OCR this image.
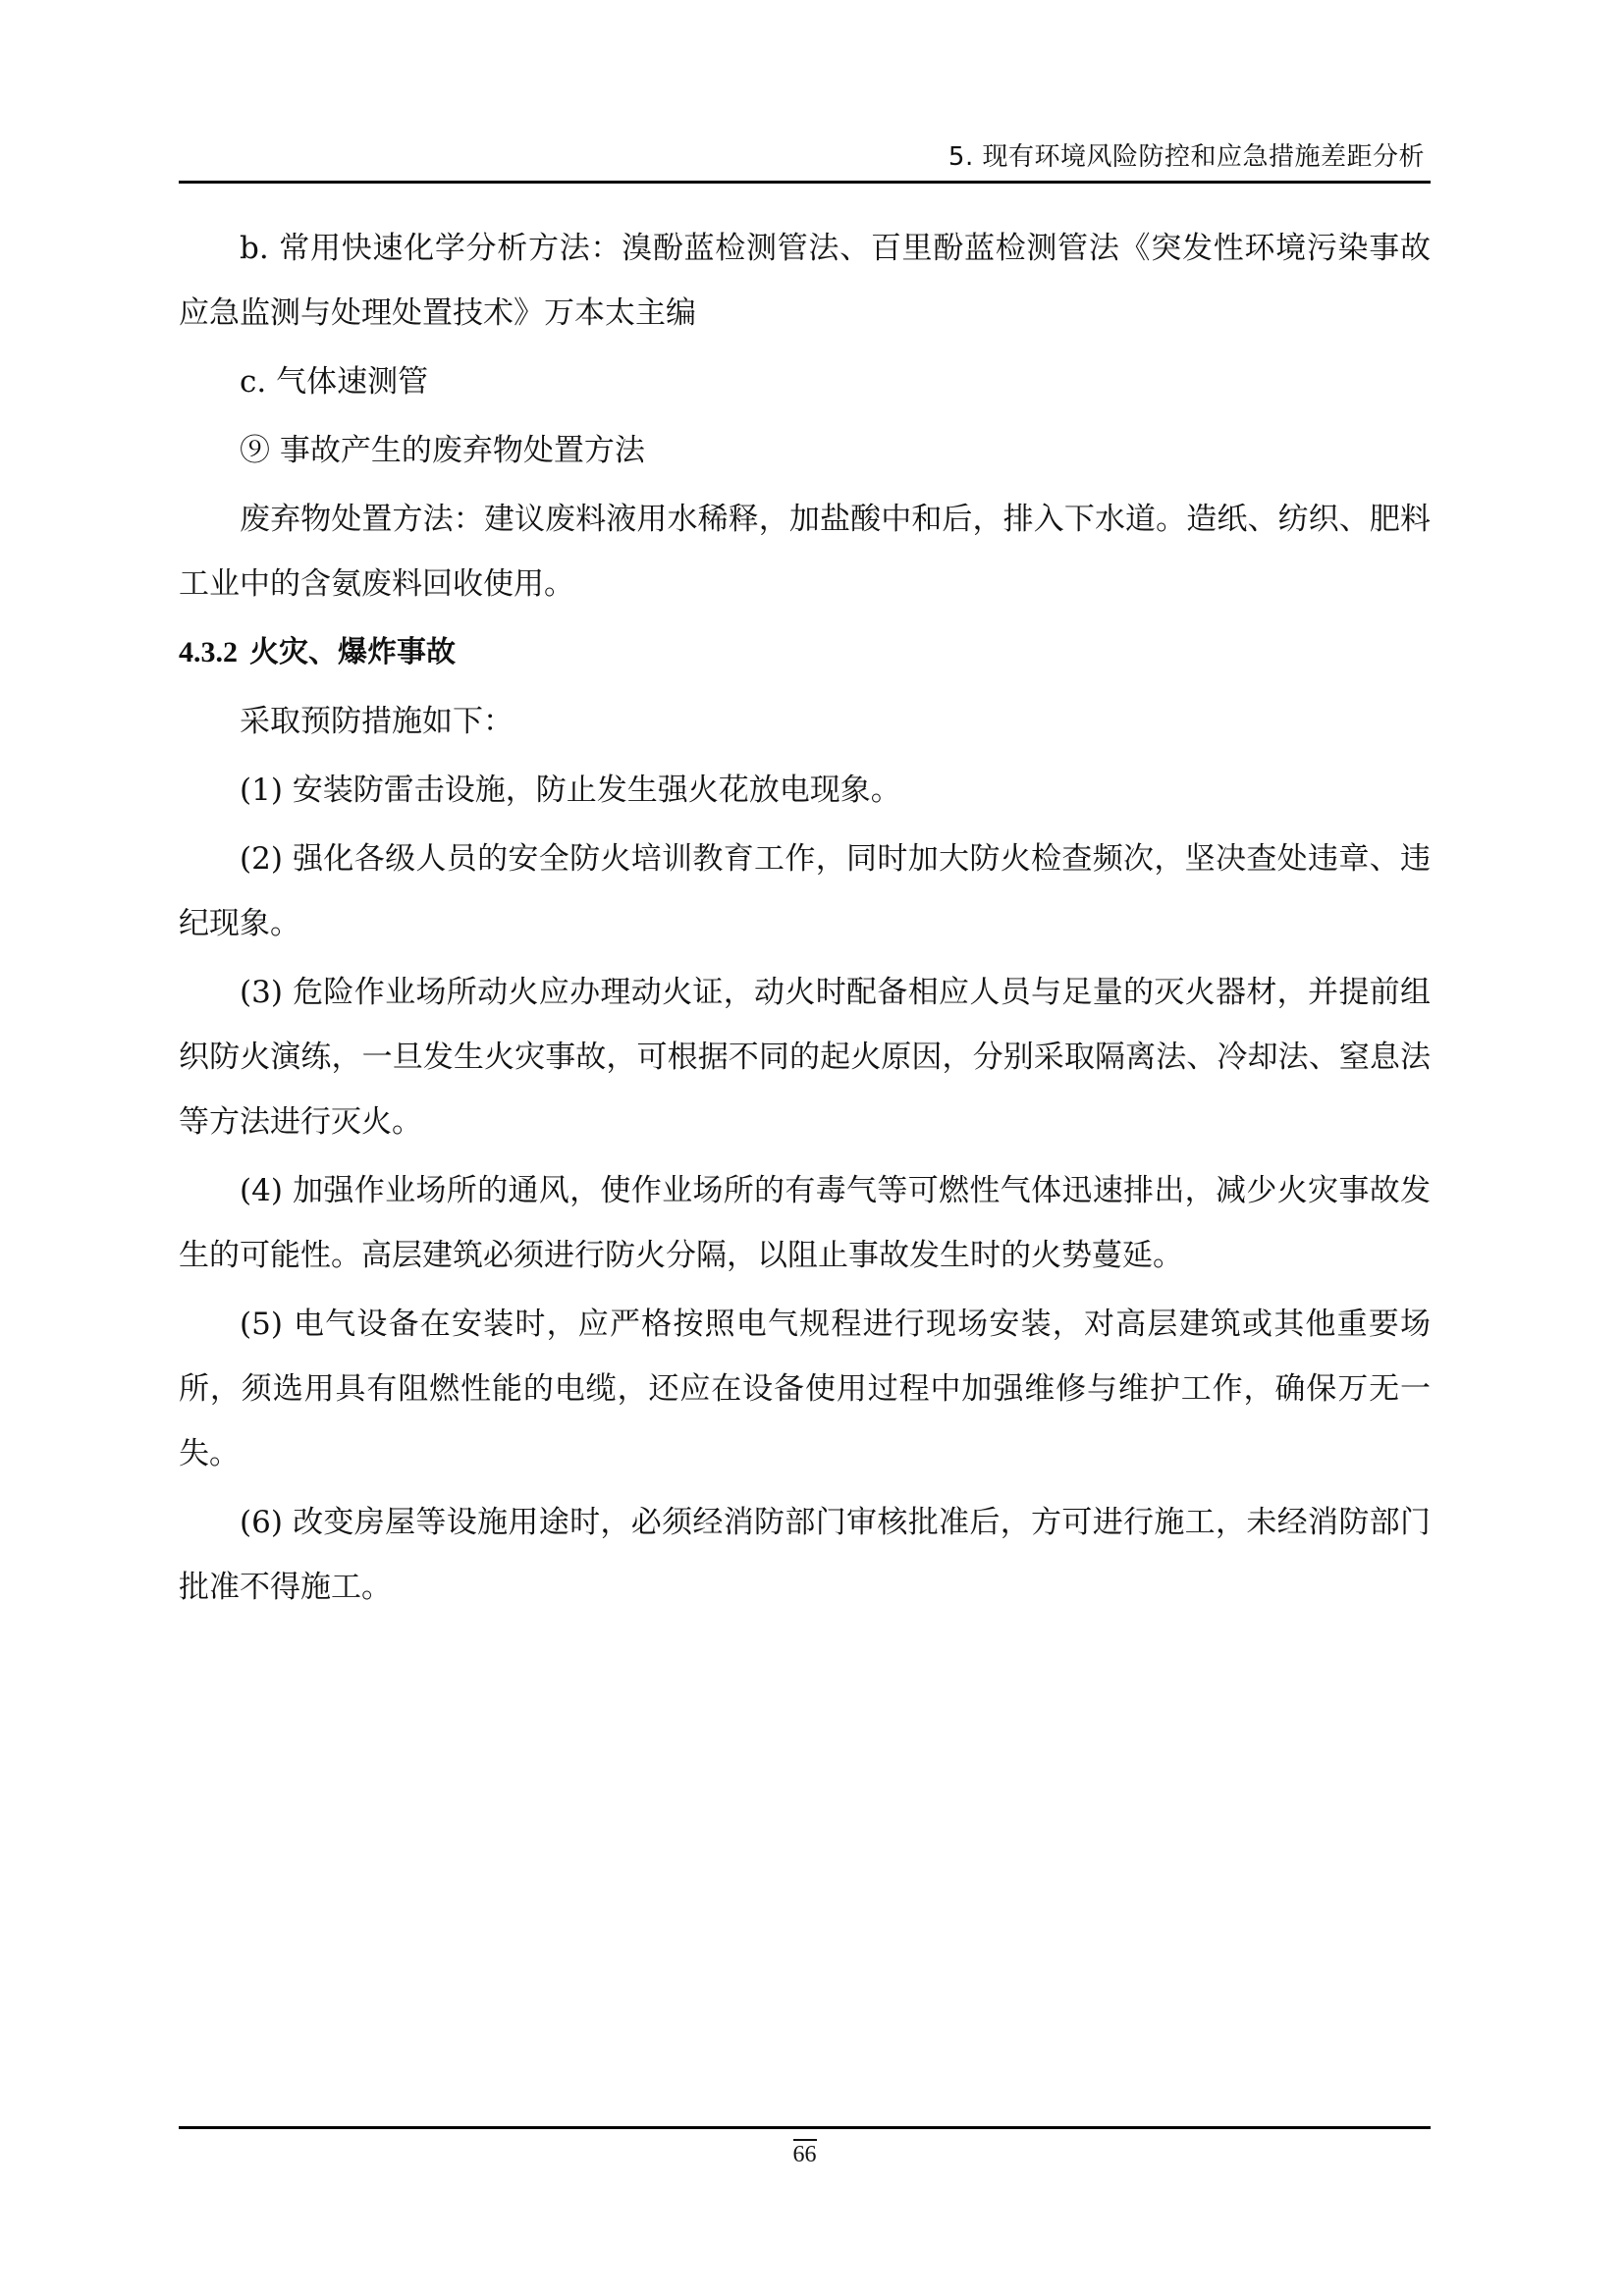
5. 现有环境风险防控和应急措施差距分析

b. 常用快速化学分析方法：溴酚蓝检测管法、百里酚蓝检测管法《突发性环境污染事故应急监测与处理处置技术》万本太主编

c. 气体速测管

⑨ 事故产生的废弃物处置方法

废弃物处置方法：建议废料液用水稀释，加盐酸中和后，排入下水道。造纸、纺织、肥料工业中的含氨废料回收使用。

4.3.2 火灾、爆炸事故

采取预防措施如下：

(1) 安装防雷击设施，防止发生强火花放电现象。

(2) 强化各级人员的安全防火培训教育工作，同时加大防火检查频次，坚决查处违章、违纪现象。

(3) 危险作业场所动火应办理动火证，动火时配备相应人员与足量的灭火器材，并提前组织防火演练，一旦发生火灾事故，可根据不同的起火原因，分别采取隔离法、冷却法、窒息法等方法进行灭火。

(4) 加强作业场所的通风，使作业场所的有毒气等可燃性气体迅速排出，减少火灾事故发生的可能性。高层建筑必须进行防火分隔，以阻止事故发生时的火势蔓延。

(5) 电气设备在安装时，应严格按照电气规程进行现场安装，对高层建筑或其他重要场所，须选用具有阻燃性能的电缆，还应在设备使用过程中加强维修与维护工作，确保万无一失。

(6) 改变房屋等设施用途时，必须经消防部门审核批准后，方可进行施工，未经消防部门批准不得施工。

66
